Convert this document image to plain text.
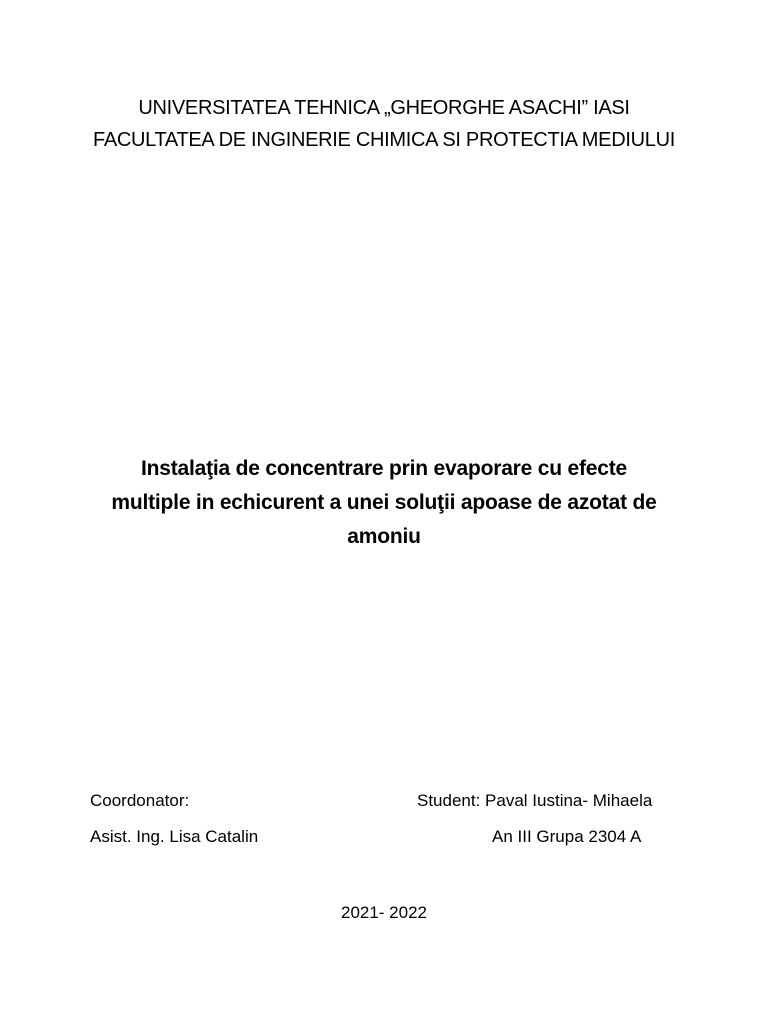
UNIVERSITATEA TEHNICA „GHEORGHE ASACHI” IASI
FACULTATEA DE INGINERIE CHIMICA SI PROTECTIA MEDIULUI
Instalaţia de concentrare prin evaporare cu efecte
multiple in echicurent a unei soluţii apoase de azotat de
amoniu
Coordonator:
Asist. Ing. Lisa Catalin
Student: Paval Iustina- Mihaela
An III Grupa 2304 A
2021- 2022
